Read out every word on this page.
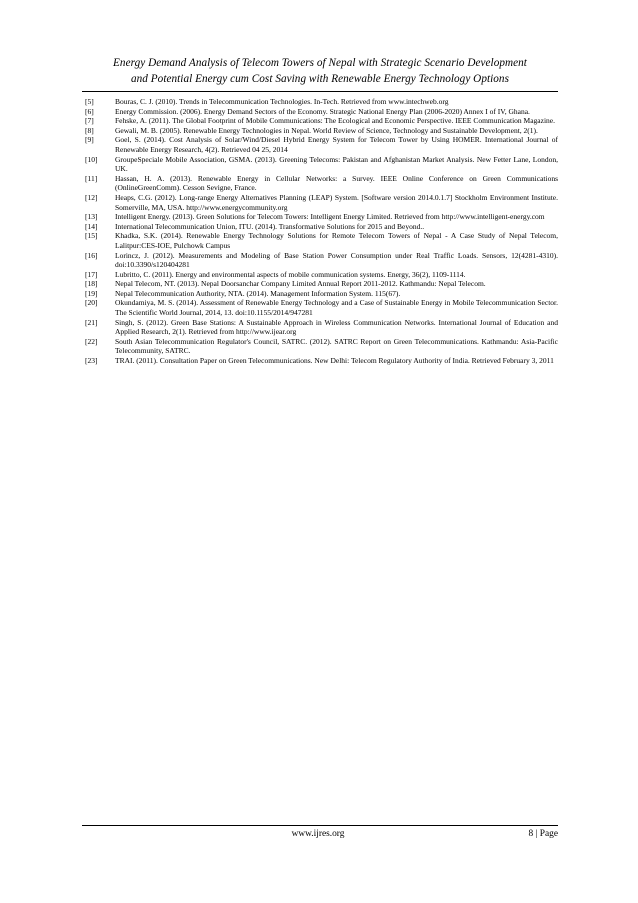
Energy Demand Analysis of Telecom Towers of Nepal with Strategic Scenario Development
and Potential Energy cum Cost Saving with Renewable Energy Technology Options
[5]	Bouras, C. J. (2010). Trends in Telecommunication Technologies. In-Tech. Retrieved from www.intechweb.org
[6]	Energy Commission. (2006). Energy Demand Sectors of the Economy. Strategic National Energy Plan (2006-2020) Annex I of IV, Ghana.
[7]	Fehske, A. (2011). The Global Footprint of Mobile Communications: The Ecological and Economic Perspective. IEEE Communication Magazine.
[8]	Gewali, M. B. (2005). Renewable Energy Technologies in Nepal. World Review of Science, Technology and Sustainable Development, 2(1).
[9]	Goel, S. (2014). Cost Analysis of Solar/Wind/Diesel Hybrid Energy System for Telecom Tower by Using HOMER. International Journal of Renewable Energy Research, 4(2). Retrieved 04 25, 2014
[10]	GroupeSpeciale Mobile Association, GSMA. (2013). Greening Telecoms: Pakistan and Afghanistan Market Analysis. New Fetter Lane, London, UK.
[11]	Hassan, H. A. (2013). Renewable Energy in Cellular Networks: a Survey. IEEE Online Conference on Green Communications (OnlineGreenComm). Cesson Sevigne, France.
[12]	Heaps, C.G. (2012). Long-range Energy Alternatives Planning (LEAP) System. [Software version 2014.0.1.7] Stockholm Environment Institute. Somerville, MA, USA. http://www.energycommunity.org
[13]	Intelligent Energy. (2013). Green Solutions for Telecom Towers: Intelligent Energy Limited. Retrieved from http://www.intelligent-energy.com
[14]	International Telecommunication Union, ITU. (2014). Transformative Solutions for 2015 and Beyond..
[15]	Khadka, S.K. (2014). Renewable Energy Technology Solutions for Remote Telecom Towers of Nepal - A Case Study of Nepal Telecom, Lalitpur:CES-IOE, Pulchowk Campus
[16]	Lorincz, J. (2012). Measurements and Modeling of Base Station Power Consumption under Real Traffic Loads. Sensors, 12(4281-4310). doi:10.3390/s120404281
[17]	Lubritto, C. (2011). Energy and environmental aspects of mobile communication systems. Energy, 36(2), 1109-1114.
[18]	Nepal Telecom, NT. (2013). Nepal Doorsanchar Company Limited Annual Report 2011-2012. Kathmandu: Nepal Telecom.
[19]	Nepal Telecommunication Authority, NTA. (2014). Management Information System. 115(67).
[20]	Okundamiya, M. S. (2014). Assessment of Renewable Energy Technology and a Case of Sustainable Energy in Mobile Telecommunication Sector. The Scientific World Journal, 2014, 13. doi:10.1155/2014/947281
[21]	Singh, S. (2012). Green Base Stations: A Sustainable Approach in Wireless Communication Networks. International Journal of Education and Applied Research, 2(1). Retrieved from http://www.ijear.org
[22]	South Asian Telecommunication Regulator's Council, SATRC. (2012). SATRC Report on Green Telecommunications. Kathmandu: Asia-Pacific Telecommunity, SATRC.
[23]	TRAI. (2011). Consultation Paper on Green Telecommunications. New Delhi: Telecom Regulatory Authority of India. Retrieved February 3, 2011
www.ijres.org	8 | Page
